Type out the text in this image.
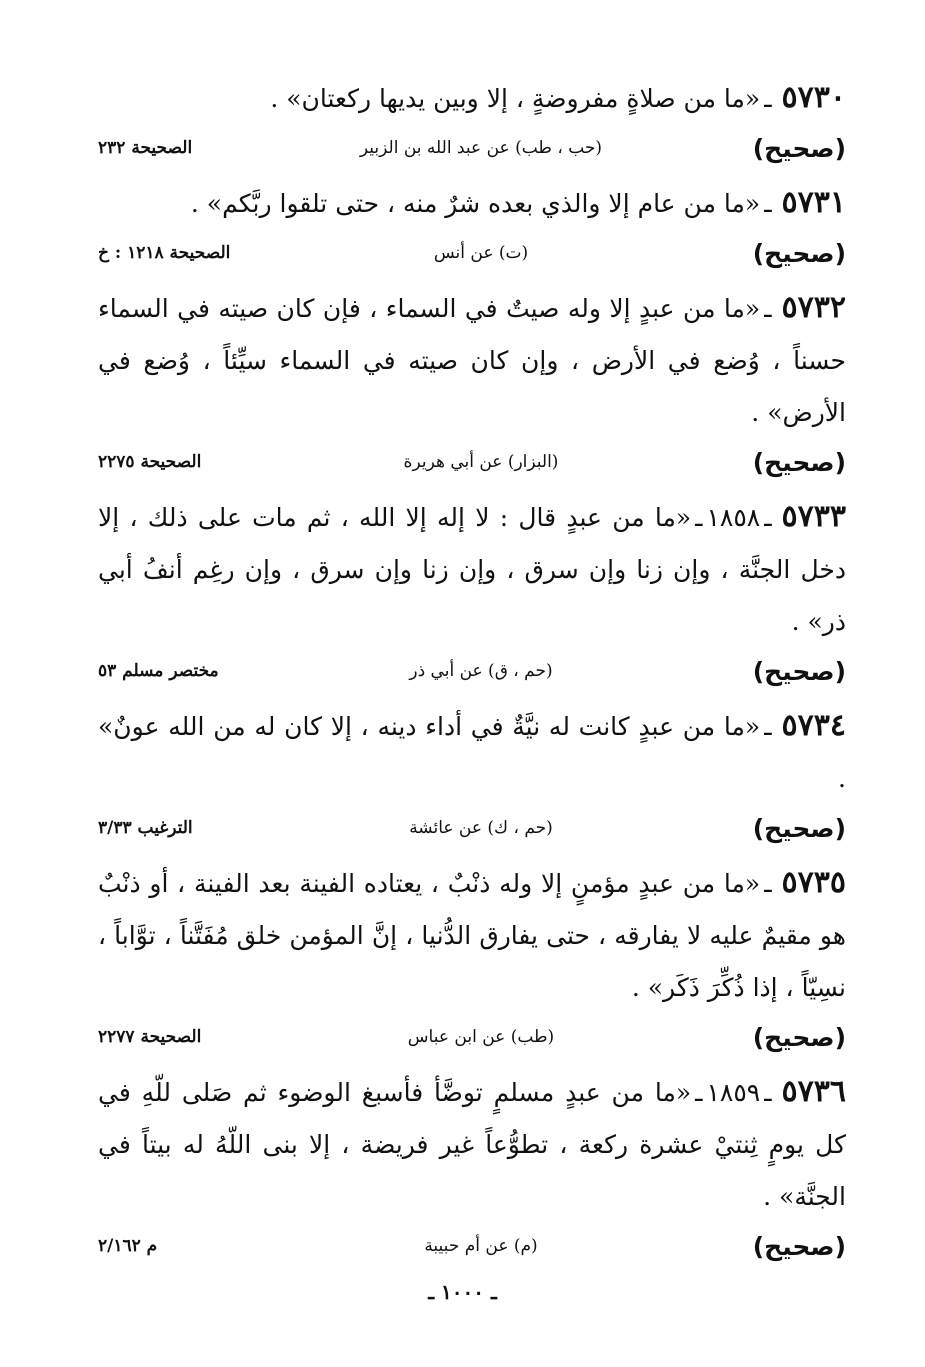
٥٧٣٠ـ«ما من صلاةٍ مفروضةٍ ، إلا وبين يديها ركعتان» .

(صحيح)
(حب ، طب) عن عبد الله بن الزبير
الصحيحة ٢٣٢

٥٧٣١ـ«ما من عام إلا والذي بعده شرٌ منه ، حتى تلقوا ربَّكم» .

(صحيح)
(ت) عن أنس
الصحيحة ١٢١٨ : خ

٥٧٣٢ـ«ما من عبدٍ إلا وله صيتٌ في السماء ، فإن كان صيته في السماء حسناً ، وُضع في الأرض ، وإن كان صيته في السماء سيِّئاً ، وُضع في الأرض» .

(صحيح)
(البزار) عن أبي هريرة
الصحيحة ٢٢٧٥

٥٧٣٣ـ١٨٥٨ـ«ما من عبدٍ قال : لا إله إلا الله ، ثم مات على ذلك ، إلا دخل الجنَّة ، وإن زنا وإن سرق ، وإن زنا وإن سرق ، وإن رغِم أنفُ أبي ذر» .

(صحيح)
(حم ، ق) عن أبي ذر
مختصر مسلم ٥٣

٥٧٣٤ـ«ما من عبدٍ كانت له نيَّةٌ في أداء دينه ، إلا كان له من الله عونٌ» .

(صحيح)
(حم ، ك) عن عائشة
الترغيب ٣/٣٣

٥٧٣٥ـ«ما من عبدٍ مؤمنٍ إلا وله ذنْبٌ ، يعتاده الفينة بعد الفينة ، أو ذنْبٌ هو مقيمٌ عليه لا يفارقه ، حتى يفارق الدُّنيا ، إنَّ المؤمن خلق مُفَتَّناً ، توَّاباً ، نسِيّاً ، إذا ذُكِّرَ ذَكَر» .

(صحيح)
(طب) عن ابن عباس
الصحيحة ٢٢٧٧

٥٧٣٦ـ١٨٥٩ـ«ما من عبدٍ مسلمٍ توضَّأ فأسبغ الوضوء ثم صَلى للّهِ في كل يومٍ ثِنتيْ عشرة ركعة ، تطوُّعاً غير فريضة ، إلا بنى اللّهُ له بيتاً في الجنَّة» .

(صحيح)
(م) عن أم حبيبة
م ٢/١٦٢
ـ ١٠٠٠ ـ
